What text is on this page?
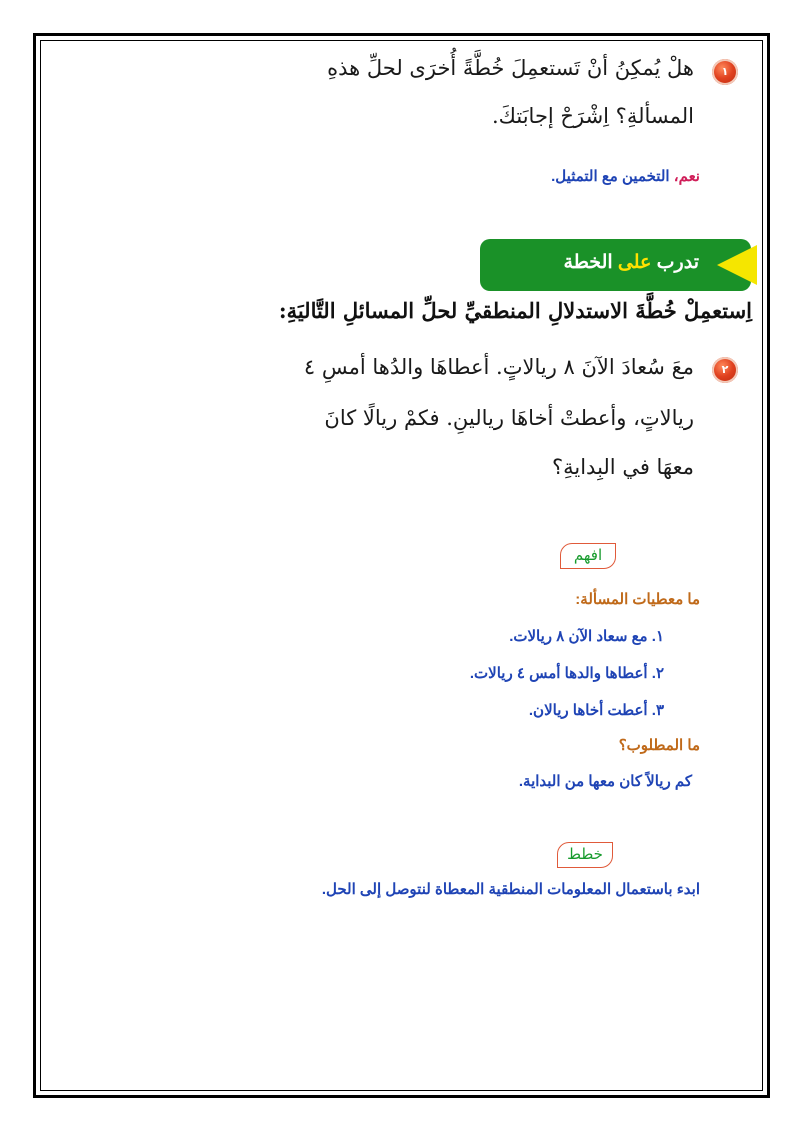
١
هلْ يُمكِنُ أنْ تَستعمِلَ خُطَّةً أُخرَى لحلِّ هذهِ
المسألةِ؟ اِشْرَحْ إجابَتكَ.
نعم، التخمين مع التمثيل.
تدرب على الخطة
اِستعمِلْ خُطَّةَ الاستدلالِ المنطقيِّ لحلِّ المسائلِ التَّاليَةِ:
٢
معَ سُعادَ الآنَ ٨ ريالاتٍ. أعطاهَا والدُها أمسِ ٤
ريالاتٍ، وأعطتْ أخاهَا ريالينِ. فكمْ ريالًا كانَ
معهَا في البِدايةِ؟
افهم
ما معطيات المسألة:
١. مع سعاد الآن ٨ ريالات.
٢. أعطاها والدها أمس ٤ ريالات.
٣. أعطت أخاها ريالان.
ما المطلوب؟
كم ريالاً كان معها من البداية.
خطط
ابدء باستعمال المعلومات المنطقية المعطاة لنتوصل إلى الحل.
